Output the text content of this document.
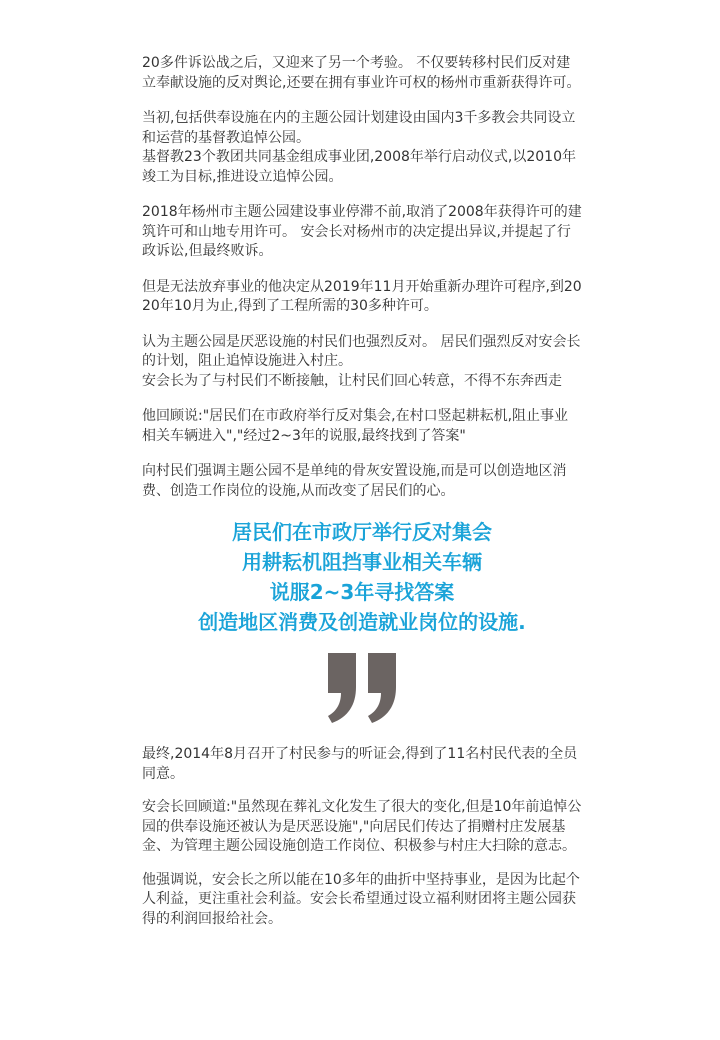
20多件诉讼战之后，又迎来了另一个考验。 不仅要转移村民们反对建立奉献设施的反对舆论,还要在拥有事业许可权的杨州市重新获得许可。

当初,包括供奉设施在内的主题公园计划建设由国内3千多教会共同设立和运营的基督教追悼公园。
基督教23个教团共同基金组成事业团,2008年举行启动仪式,以2010年竣工为目标,推进设立追悼公园。

2018年杨州市主题公园建设事业停滞不前,取消了2008年获得许可的建筑许可和山地专用许可。 安会长对杨州市的决定提出异议,并提起了行政诉讼,但最终败诉。

但是无法放弃事业的他决定从2019年11月开始重新办理许可程序,到2020年10月为止,得到了工程所需的30多种许可。

认为主题公园是厌恶设施的村民们也强烈反对。 居民们强烈反对安会长的计划，阻止追悼设施进入村庄。
安会长为了与村民们不断接触，让村民们回心转意，不得不东奔西走

他回顾说:"居民们在市政府举行反对集会,在村口竖起耕耘机,阻止事业相关车辆进入","经过2~3年的说服,最终找到了答案"

向村民们强调主题公园不是单纯的骨灰安置设施,而是可以创造地区消费、创造工作岗位的设施,从而改变了居民们的心。

居民们在市政厅举行反对集会
用耕耘机阻挡事业相关车辆
说服2~3年寻找答案
创造地区消费及创造就业岗位的设施.

最终,2014年8月召开了村民参与的听证会,得到了11名村民代表的全员同意。

安会长回顾道:"虽然现在葬礼文化发生了很大的变化,但是10年前追悼公园的供奉设施还被认为是厌恶设施","向居民们传达了捐赠村庄发展基金、为管理主题公园设施创造工作岗位、积极参与村庄大扫除的意志。

他强调说，安会长之所以能在10多年的曲折中坚持事业，是因为比起个人利益，更注重社会利益。安会长希望通过设立福利财团将主题公园获得的利润回报给社会。
